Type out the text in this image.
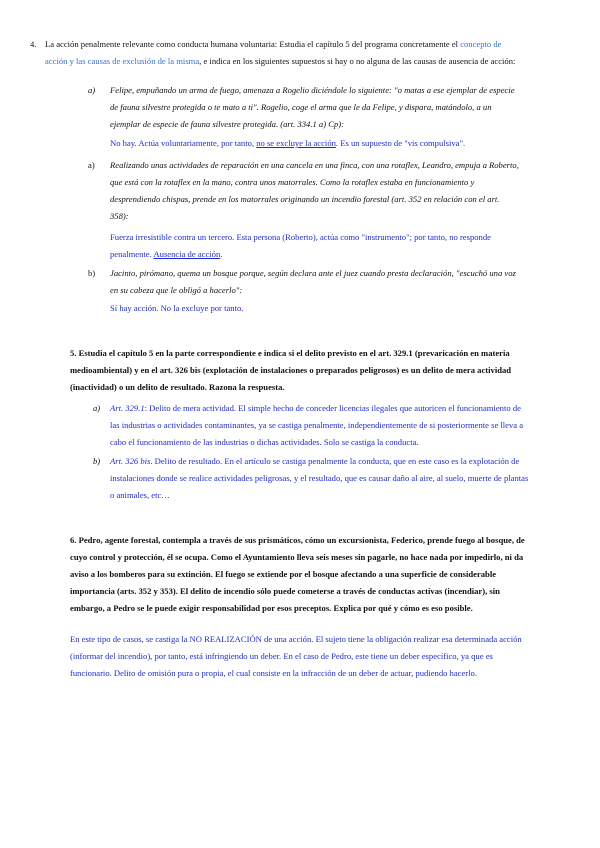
4. La acción penalmente relevante como conducta humana voluntaria: Estudia el capítulo 5 del programa concretamente el concepto de acción y las causas de exclusión de la misma, e indica en los siguientes supuestos si hay o no alguna de las causas de ausencia de acción:

a) Felipe, empuñando un arma de fuego, amenaza a Rogelio diciéndole lo siguiente: "o matas a ese ejemplar de especie de fauna silvestre protegida o te mato a ti". Rogelio, coge el arma que le da Felipe, y dispara, matándolo, a un ejemplar de especie de fauna silvestre protegida. (art. 334.1 a) Cp):

No hay. Actúa voluntariamente, por tanto, no se excluye la acción. Es un supuesto de "vis compulsiva".

a) Realizando unas actividades de reparación en una cancela en una finca, con una rotaflex, Leandro, empuja a Roberto, que está con la rotaflex en la mano, contra unos matorrales. Como la rotaflex estaba en funcionamiento y desprendiendo chispas, prende en los matorrales originando un incendio forestal (art. 352 en relación con el art. 358):

Fuerza irresistible contra un tercero. Esta persona (Roberto), actúa como "instrumento"; por tanto, no responde penalmente. Ausencia de acción.

b) Jacinto, pirómano, quema un bosque porque, según declara ante el juez cuando presta declaración, "escuchó una voz en su cabeza que le obligó a hacerlo":

Sí hay acción. No la excluye por tanto.

5. Estudia el capítulo 5 en la parte correspondiente e indica si el delito previsto en el art. 329.1 (prevaricación en materia medioambiental) y en el art. 326 bis (explotación de instalaciones o preparados peligrosos) es un delito de mera actividad (inactividad) o un delito de resultado. Razona la respuesta.

a) Art. 329.1: Delito de mera actividad. El simple hecho de conceder licencias ilegales que autoricen el funcionamiento de las industrias o actividades contaminantes, ya se castiga penalmente, independientemente de si posteriormente se lleva a cabo el funcionamiento de las industrias o dichas actividades. Solo se castiga la conducta.

b) Art. 326 bis. Delito de resultado. En el artículo se castiga penalmente la conducta, que en este caso es la explotación de instalaciones donde se realice actividades peligrosas, y el resultado, que es causar daño al aire, al suelo, muerte de plantas o animales, etc…

6. Pedro, agente forestal, contempla a través de sus prismáticos, cómo un excursionista, Federico, prende fuego al bosque, de cuyo control y protección, él se ocupa. Como el Ayuntamiento lleva seis meses sin pagarle, no hace nada por impedirlo, ni da aviso a los bomberos para su extinción. El fuego se extiende por el bosque afectando a una superficie de considerable importancia (arts. 352 y 353). El delito de incendio sólo puede cometerse a través de conductas activas (incendiar), sin embargo, a Pedro se le puede exigir responsabilidad por esos preceptos. Explica por qué y cómo es eso posible.

En este tipo de casos, se castiga la NO REALIZACIÓN de una acción. El sujeto tiene la obligación realizar esa determinada acción (informar del incendio), por tanto, está infringiendo un deber. En el caso de Pedro, este tiene un deber específico, ya que es funcionario. Delito de omisión pura o propia, el cual consiste en la infracción de un deber de actuar, pudiendo hacerlo.
